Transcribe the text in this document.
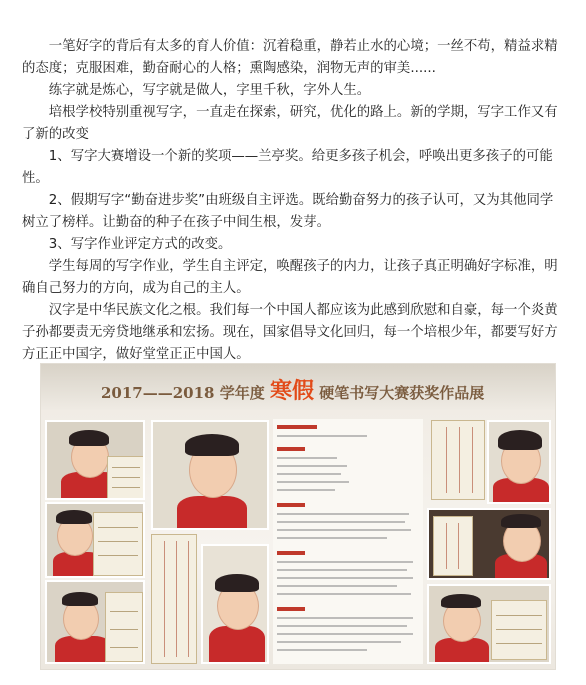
　　一笔好字的背后有太多的育人价值：沉着稳重，静若止水的心境；一丝不苟，精益求精的态度；克服困难，勤奋耐心的人格；熏陶感染，润物无声的审美......
　　练字就是炼心，写字就是做人，字里千秋，字外人生。
　　培根学校特别重视写字，一直走在探索，研究，优化的路上。新的学期，写字工作又有了新的改变
　　1、写字大赛增设一个新的奖项——兰亭奖。给更多孩子机会，呼唤出更多孩子的可能性。
　　2、假期写字“勤奋进步奖”由班级自主评选。既给勤奋努力的孩子认可，又为其他同学树立了榜样。让勤奋的种子在孩子中间生根，发芽。
　　3、写字作业评定方式的改变。
　　学生每周的写字作业，学生自主评定，唤醒孩子的内力，让孩子真正明确好字标准，明确自己努力的方向，成为自己的主人。
　　汉字是中华民族文化之根。我们每一个中国人都应该为此感到欣慰和自豪，每一个炎黄子孙都要责无旁贷地继承和宏扬。现在，国家倡导文化回归，每一个培根少年，都要写好方方正正中国字，做好堂堂正正中国人。
2017——2018 学年度 寒假 硬笔书写大赛获奖作品展
